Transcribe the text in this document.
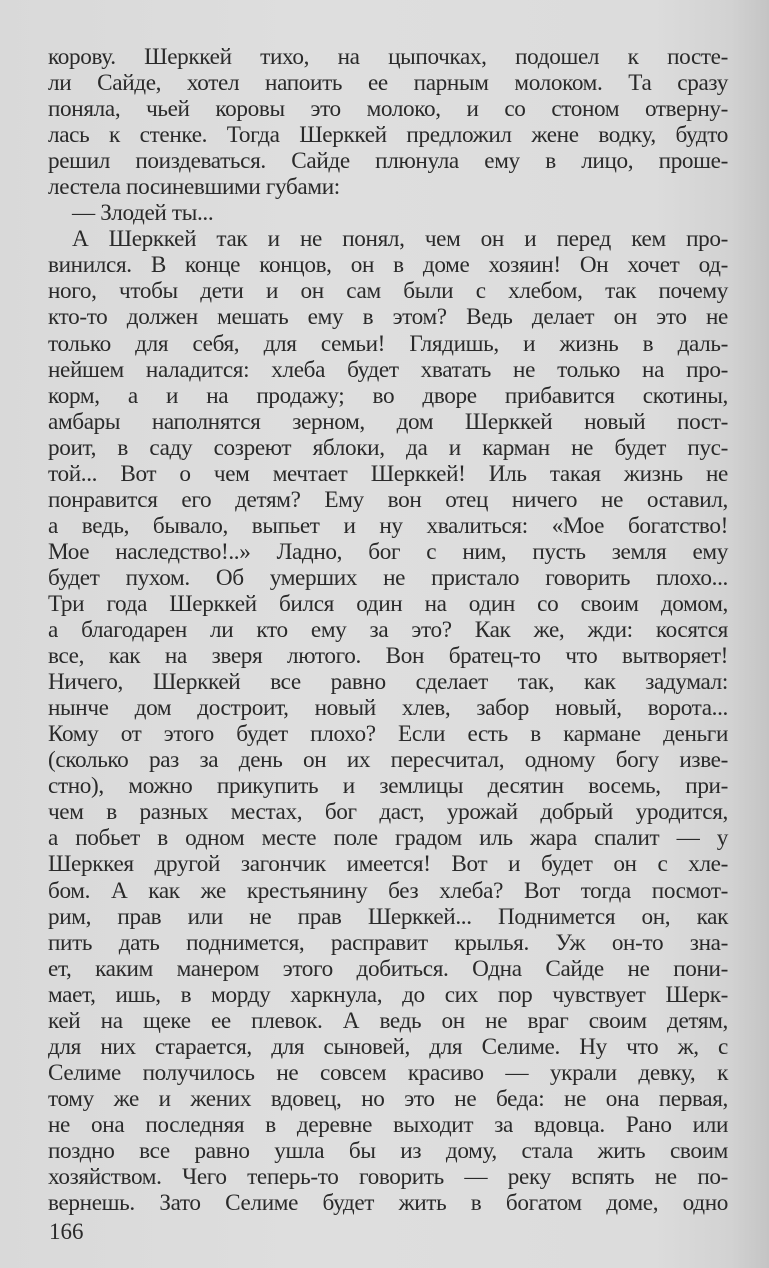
корову. Шерккей тихо, на цыпочках, подошел к посте-
ли Сайде, хотел напоить ее парным молоком. Та сразу
поняла, чьей коровы это молоко, и со стоном отверну-
лась к стенке. Тогда Шерккей предложил жене водку, будто
решил поиздеваться. Сайде плюнула ему в лицо, проше-
лестела посиневшими губами:
— Злодей ты...
А Шерккей так и не понял, чем он и перед кем про-
винился. В конце концов, он в доме хозяин! Он хочет од-
ного, чтобы дети и он сам были с хлебом, так почему
кто-то должен мешать ему в этом? Ведь делает он это не
только для себя, для семьи! Глядишь, и жизнь в даль-
нейшем наладится: хлеба будет хватать не только на про-
корм, а и на продажу; во дворе прибавится скотины,
амбары наполнятся зерном, дом Шерккей новый пост-
роит, в саду созреют яблоки, да и карман не будет пус-
той... Вот о чем мечтает Шерккей! Иль такая жизнь не
понравится его детям? Ему вон отец ничего не оставил,
а ведь, бывало, выпьет и ну хвалиться: «Мое богатство!
Мое наследство!..» Ладно, бог с ним, пусть земля ему
будет пухом. Об умерших не пристало говорить плохо...
Три года Шерккей бился один на один со своим домом,
а благодарен ли кто ему за это? Как же, жди: косятся
все, как на зверя лютого. Вон братец-то что вытворяет!
Ничего, Шерккей все равно сделает так, как задумал:
нынче дом достроит, новый хлев, забор новый, ворота...
Кому от этого будет плохо? Если есть в кармане деньги
(сколько раз за день он их пересчитал, одному богу изве-
стно), можно прикупить и землицы десятин восемь, при-
чем в разных местах, бог даст, урожай добрый уродится,
а побьет в одном месте поле градом иль жара спалит — у
Шерккея другой загончик имеется! Вот и будет он с хле-
бом. А как же крестьянину без хлеба? Вот тогда посмот-
рим, прав или не прав Шерккей... Поднимется он, как
пить дать поднимется, расправит крылья. Уж он-то зна-
ет, каким манером этого добиться. Одна Сайде не пони-
мает, ишь, в морду харкнула, до сих пор чувствует Шерк-
кей на щеке ее плевок. А ведь он не враг своим детям,
для них старается, для сыновей, для Селиме. Ну что ж, с
Селиме получилось не совсем красиво — украли девку, к
тому же и жених вдовец, но это не беда: не она первая,
не она последняя в деревне выходит за вдовца. Рано или
поздно все равно ушла бы из дому, стала жить своим
хозяйством. Чего теперь-то говорить — реку вспять не по-
вернешь. Зато Селиме будет жить в богатом доме, одно
166
